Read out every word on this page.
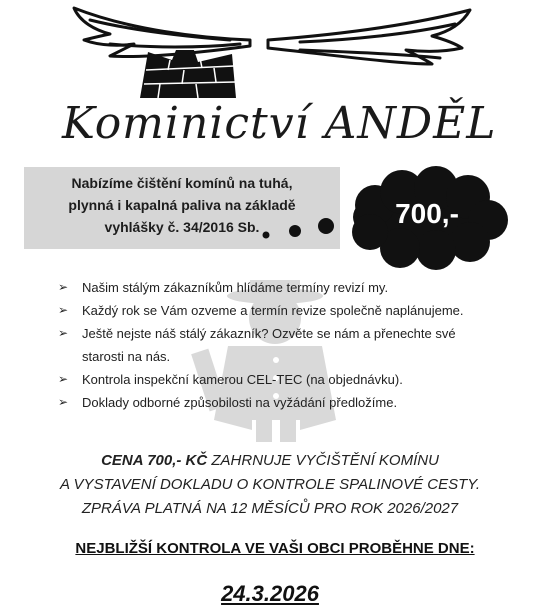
Kominictví ANDĚL
Nabízíme čištění komínů na tuhá,
plynná i kapalná paliva na základě
vyhlášky č. 34/2016 Sb.	700,-
➢ Našim stálým zákazníkům hlídáme termíny revizí my.
➢ Každý rok se Vám ozveme a termín revize společně naplánujeme.
➢ Ještě nejste náš stálý zákazník? Ozvěte se nám a přenechte své starosti na nás.
➢ Kontrola inspekční kamerou CEL-TEC (na objednávku).
➢ Doklady odborné způsobilosti na vyžádání předložíme.
CENA 700,- KČ ZAHRNUJE VYČIŠTĚNÍ KOMÍNU
A VYSTAVENÍ DOKLADU O KONTROLE SPALINOVÉ CESTY.
ZPRÁVA PLATNÁ NA 12 MĚSÍCŮ PRO ROK 2026/2027
NEJBLIŽŠÍ KONTROLA VE VAŠI OBCI PROBĚHNE DNE:
24.3.2026
